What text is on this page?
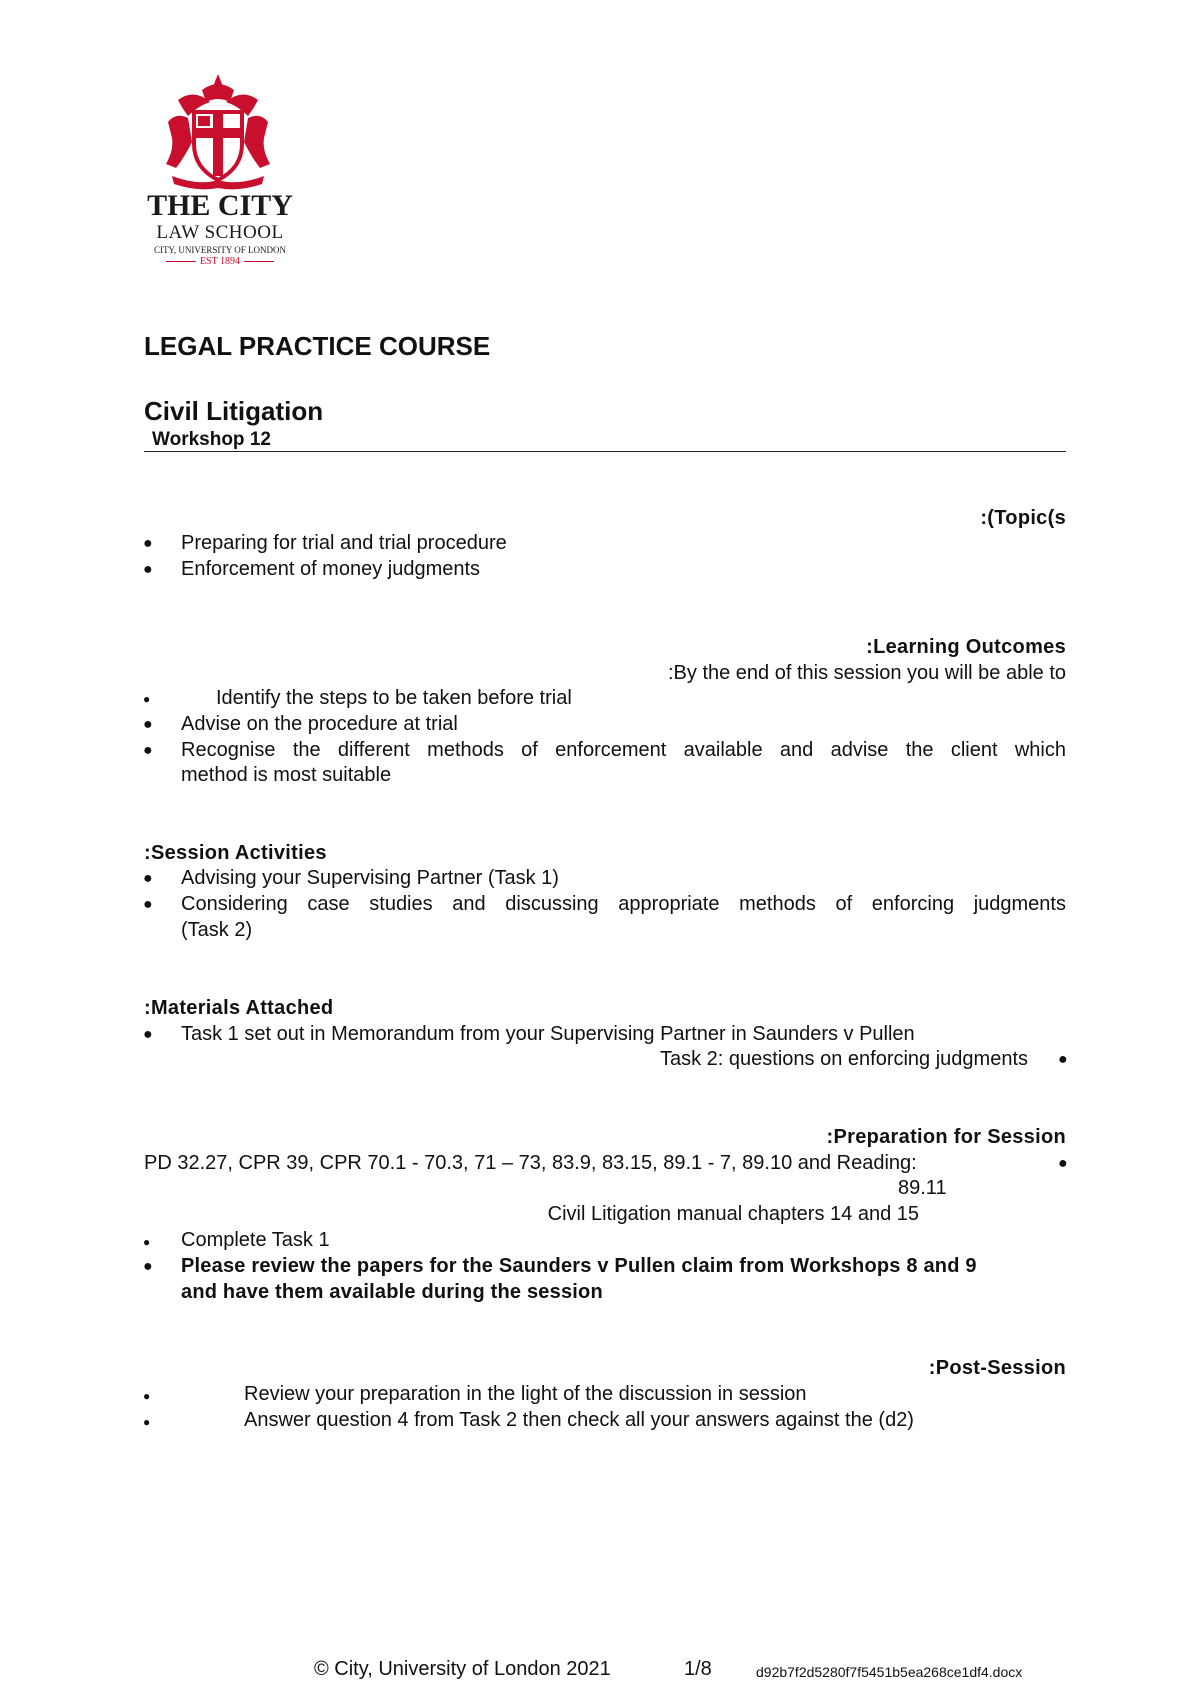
THE CITY
LAW SCHOOL
CITY, UNIVERSITY OF LONDON
EST 1894
LEGAL PRACTICE COURSE
Civil Litigation
Workshop 12
:(Topic(s
● Preparing for trial and trial procedure
● Enforcement of money judgments
:Learning Outcomes
:By the end of this session you will be able to
●	Identify the steps to be taken before trial
● Advise on the procedure at trial
● Recognise the different methods of enforcement available and advise the client which
method is most suitable
:Session Activities
● Advising your Supervising Partner (Task 1)
● Considering case studies and discussing appropriate methods of enforcing judgments
(Task 2)
:Materials Attached
● Task 1 set out in Memorandum from your Supervising Partner in Saunders v Pullen
Task 2: questions on enforcing judgments ●
:Preparation for Session
PD 32.27, CPR 39, CPR 70.1 - 70.3, 71 – 73, 83.9, 83.15, 89.1 - 7, 89.10 and Reading:	●
89.11
Civil Litigation manual chapters 14 and 15
● Complete Task 1
● Please review the papers for the Saunders v Pullen claim from Workshops 8 and 9
and have them available during the session
:Post-Session
●	Review your preparation in the light of the discussion in session
●	Answer question 4 from Task 2 then check all your answers against the (d2)
© City, University of London 2021	1/8	d92b7f2d5280f7f5451b5ea268ce1df4.docx
